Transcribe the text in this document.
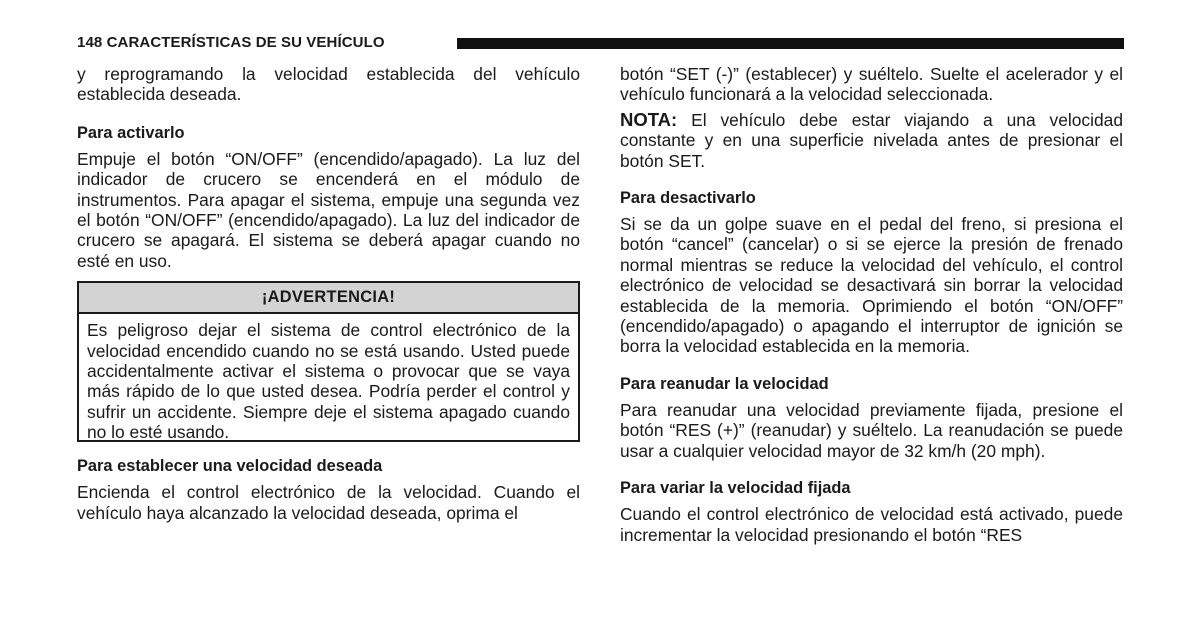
148 CARACTERÍSTICAS DE SU VEHÍCULO

y reprogramando la velocidad establecida del vehículo establecida deseada.

Para activarlo

Empuje el botón “ON/OFF” (encendido/apagado). La luz del indicador de crucero se encenderá en el módulo de instrumentos. Para apagar el sistema, empuje una segunda vez el botón “ON/OFF” (encendido/apagado). La luz del indicador de crucero se apagará. El sistema se deberá apagar cuando no esté en uso.

¡ADVERTENCIA!

Es peligroso dejar el sistema de control electrónico de la velocidad encendido cuando no se está usando. Usted puede accidentalmente activar el sistema o provocar que se vaya más rápido de lo que usted desea. Podría perder el control y sufrir un accidente. Siempre deje el sistema apagado cuando no lo esté usando.

Para establecer una velocidad deseada

Encienda el control electrónico de la velocidad. Cuando el vehículo haya alcanzado la velocidad deseada, oprima el

botón “SET (-)” (establecer) y suéltelo. Suelte el acelerador y el vehículo funcionará a la velocidad seleccionada.

NOTA: El vehículo debe estar viajando a una velocidad constante y en una superficie nivelada antes de presionar el botón SET.

Para desactivarlo

Si se da un golpe suave en el pedal del freno, si presiona el botón “cancel” (cancelar) o si se ejerce la presión de frenado normal mientras se reduce la velocidad del vehículo, el control electrónico de velocidad se desactivará sin borrar la velocidad establecida de la memoria. Oprimiendo el botón “ON/OFF” (encendido/apagado) o apagando el interruptor de ignición se borra la velocidad establecida en la memoria.

Para reanudar la velocidad

Para reanudar una velocidad previamente fijada, presione el botón “RES (+)” (reanudar) y suéltelo. La reanudación se puede usar a cualquier velocidad mayor de 32 km/h (20 mph).

Para variar la velocidad fijada

Cuando el control electrónico de velocidad está activado, puede incrementar la velocidad presionando el botón “RES
